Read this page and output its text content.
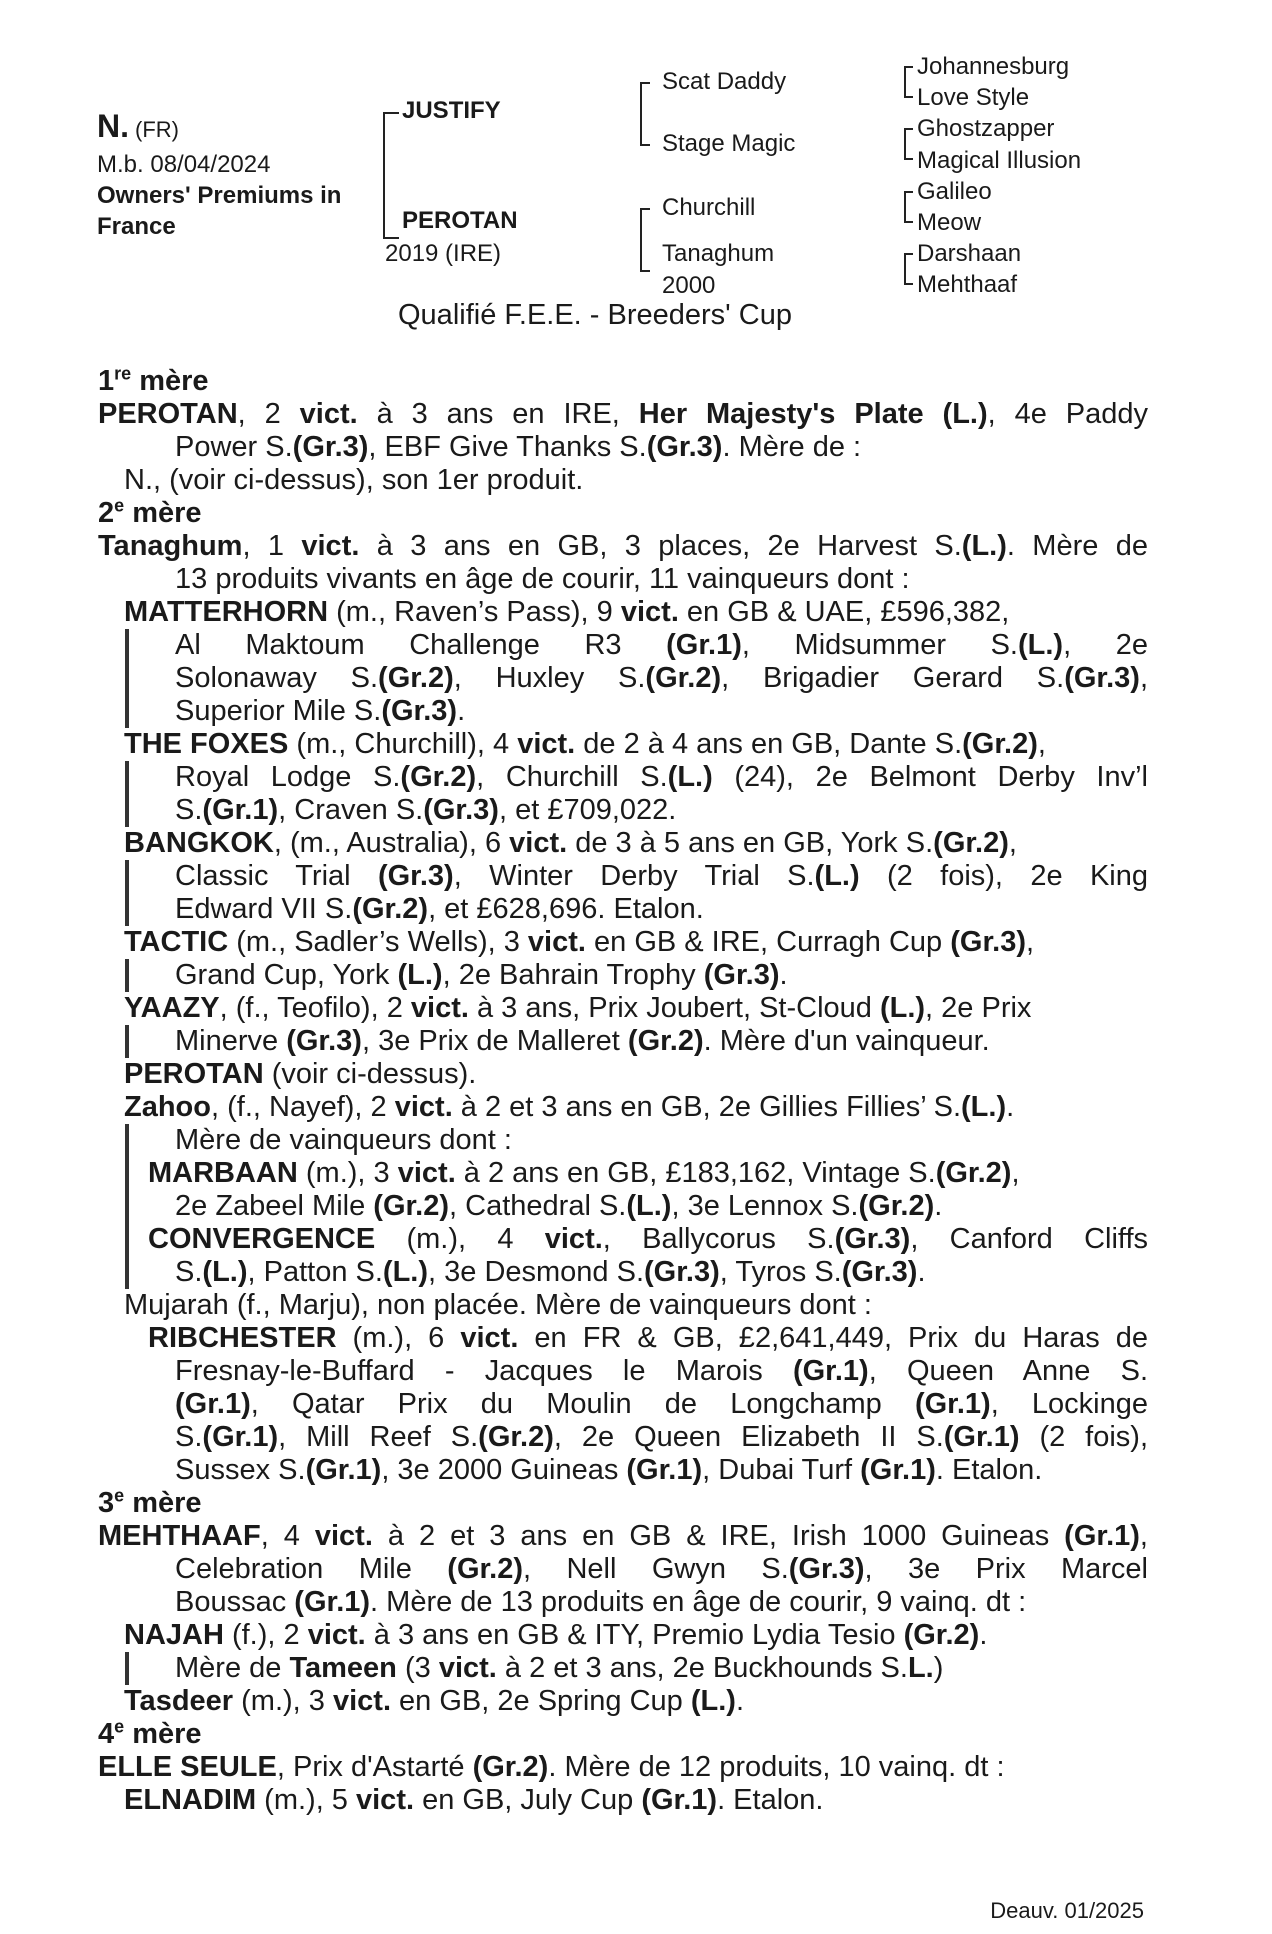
N. (FR)
M.b. 08/04/2024
Owners' Premiums in
France
JUSTIFY
PEROTAN
2019 (IRE)
Scat Daddy
Stage Magic
Churchill
Tanaghum
2000
Johannesburg
Love Style
Ghostzapper
Magical Illusion
Galileo
Meow
Darshaan
Mehthaaf
Qualifié F.E.E. - Breeders' Cup
1re mère
PEROTAN, 2 vict. à 3 ans en IRE, Her Majesty's Plate (L.), 4e Paddy
Power S.(Gr.3), EBF Give Thanks S.(Gr.3). Mère de :
N., (voir ci-dessus), son 1er produit.
2e mère
Tanaghum, 1 vict. à 3 ans en GB, 3 places, 2e Harvest S.(L.). Mère de
13 produits vivants en âge de courir, 11 vainqueurs dont :
MATTERHORN (m., Raven’s Pass), 9 vict. en GB & UAE, £596,382,
Al Maktoum Challenge R3 (Gr.1), Midsummer S.(L.), 2e
Solonaway S.(Gr.2), Huxley S.(Gr.2), Brigadier Gerard S.(Gr.3),
Superior Mile S.(Gr.3).
THE FOXES (m., Churchill), 4 vict. de 2 à 4 ans en GB, Dante S.(Gr.2),
Royal Lodge S.(Gr.2), Churchill S.(L.) (24), 2e Belmont Derby Inv’l
S.(Gr.1), Craven S.(Gr.3), et £709,022.
BANGKOK, (m., Australia), 6 vict. de 3 à 5 ans en GB, York S.(Gr.2),
Classic Trial (Gr.3), Winter Derby Trial S.(L.) (2 fois), 2e King
Edward VII S.(Gr.2), et £628,696. Etalon.
TACTIC (m., Sadler’s Wells), 3 vict. en GB & IRE, Curragh Cup (Gr.3),
Grand Cup, York (L.), 2e Bahrain Trophy (Gr.3).
YAAZY, (f., Teofilo), 2 vict. à 3 ans, Prix Joubert, St-Cloud (L.), 2e Prix
Minerve (Gr.3), 3e Prix de Malleret (Gr.2). Mère d'un vainqueur.
PEROTAN (voir ci-dessus).
Zahoo, (f., Nayef), 2 vict. à 2 et 3 ans en GB, 2e Gillies Fillies’ S.(L.).
Mère de vainqueurs dont :
MARBAAN (m.), 3 vict. à 2 ans en GB, £183,162, Vintage S.(Gr.2),
2e Zabeel Mile (Gr.2), Cathedral S.(L.), 3e Lennox S.(Gr.2).
CONVERGENCE (m.), 4 vict., Ballycorus S.(Gr.3), Canford Cliffs
S.(L.), Patton S.(L.), 3e Desmond S.(Gr.3), Tyros S.(Gr.3).
Mujarah (f., Marju), non placée. Mère de vainqueurs dont :
RIBCHESTER (m.), 6 vict. en FR & GB, £2,641,449, Prix du Haras de
Fresnay-le-Buffard - Jacques le Marois (Gr.1), Queen Anne S.
(Gr.1), Qatar Prix du Moulin de Longchamp (Gr.1), Lockinge
S.(Gr.1), Mill Reef S.(Gr.2), 2e Queen Elizabeth II S.(Gr.1) (2 fois),
Sussex S.(Gr.1), 3e 2000 Guineas (Gr.1), Dubai Turf (Gr.1). Etalon.
3e mère
MEHTHAAF, 4 vict. à 2 et 3 ans en GB & IRE, Irish 1000 Guineas (Gr.1),
Celebration Mile (Gr.2), Nell Gwyn S.(Gr.3), 3e Prix Marcel
Boussac (Gr.1). Mère de 13 produits en âge de courir, 9 vainq. dt :
NAJAH (f.), 2 vict. à 3 ans en GB & ITY, Premio Lydia Tesio (Gr.2).
Mère de Tameen (3 vict. à 2 et 3 ans, 2e Buckhounds S.L.)
Tasdeer (m.), 3 vict. en GB, 2e Spring Cup (L.).
4e mère
ELLE SEULE, Prix d'Astarté (Gr.2). Mère de 12 produits, 10 vainq. dt :
ELNADIM (m.), 5 vict. en GB, July Cup (Gr.1). Etalon.
Deauv. 01/2025
